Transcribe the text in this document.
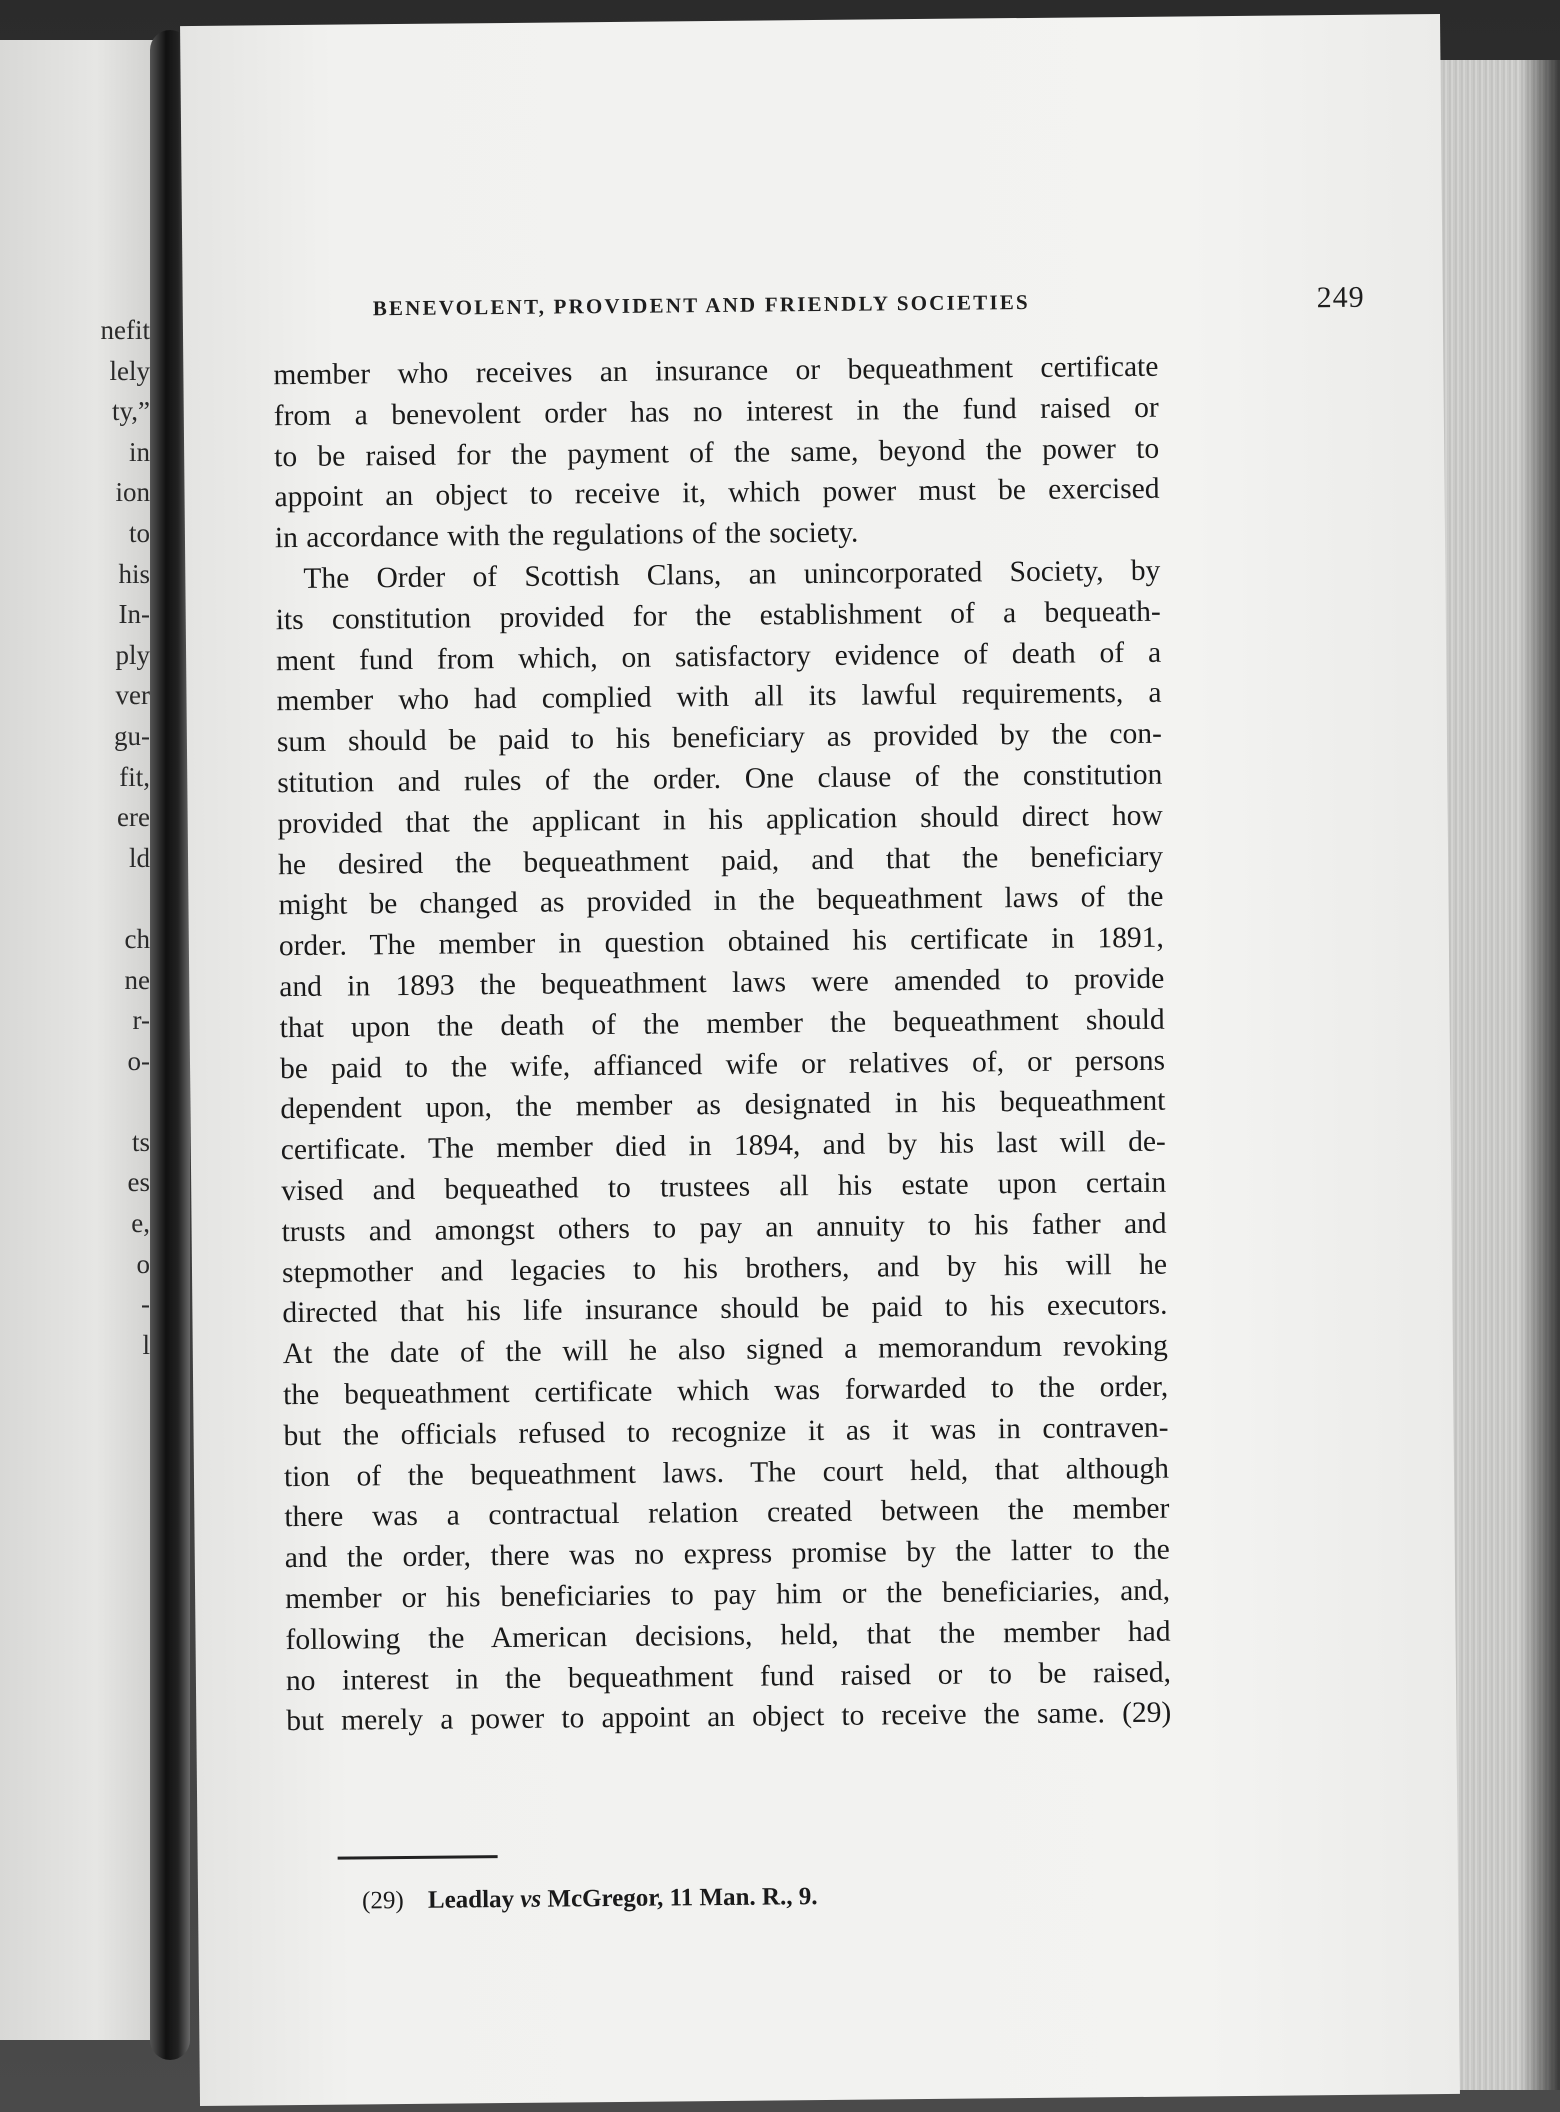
nefit
lely
ty,”
in
ion
to
his
In-
ply
ver
gu-
fit,
ere
ld

ch
ne
r-
o-

ts
es
e,
o
-
l
BENEVOLENT, PROVIDENT AND FRIENDLY SOCIETIES	249

member who receives an insurance or bequeathment certificate
from a benevolent order has no interest in the fund raised or
to be raised for the payment of the same, beyond the power to
appoint an object to receive it, which power must be exercised
in accordance with the regulations of the society.

The Order of Scottish Clans, an unincorporated Society, by
its constitution provided for the establishment of a bequeath-
ment fund from which, on satisfactory evidence of death of a
member who had complied with all its lawful requirements, a
sum should be paid to his beneficiary as provided by the con-
stitution and rules of the order. One clause of the constitution
provided that the applicant in his application should direct how
he desired the bequeathment paid, and that the beneficiary
might be changed as provided in the bequeathment laws of the
order. The member in question obtained his certificate in 1891,
and in 1893 the bequeathment laws were amended to provide
that upon the death of the member the bequeathment should
be paid to the wife, affianced wife or relatives of, or persons
dependent upon, the member as designated in his bequeathment
certificate. The member died in 1894, and by his last will de-
vised and bequeathed to trustees all his estate upon certain
trusts and amongst others to pay an annuity to his father and
stepmother and legacies to his brothers, and by his will he
directed that his life insurance should be paid to his executors.
At the date of the will he also signed a memorandum revoking
the bequeathment certificate which was forwarded to the order,
but the officials refused to recognize it as it was in contraven-
tion of the bequeathment laws. The court held, that although
there was a contractual relation created between the member
and the order, there was no express promise by the latter to the
member or his beneficiaries to pay him or the beneficiaries, and,
following the American decisions, held, that the member had
no interest in the bequeathment fund raised or to be raised,
but merely a power to appoint an object to receive the same. (29)

(29) Leadlay vs McGregor, 11 Man. R., 9.
